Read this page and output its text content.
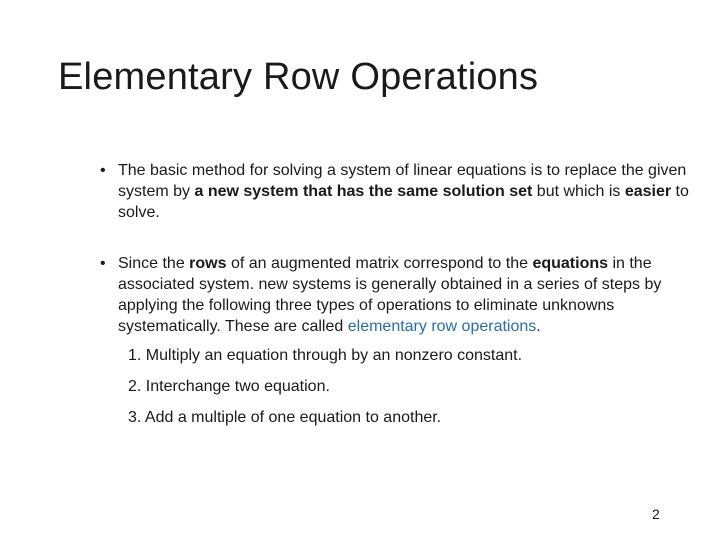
Elementary Row Operations
• The basic method for solving a system of linear equations is to replace the given system by a new system that has the same solution set but which is easier to solve.
• Since the rows of an augmented matrix correspond to the equations in the associated system. new systems is generally obtained in a series of steps by applying the following three types of operations to eliminate unknowns systematically. These are called elementary row operations.
1. Multiply an equation through by an nonzero constant.
2. Interchange two equation.
3. Add a multiple of one equation to another.
2
